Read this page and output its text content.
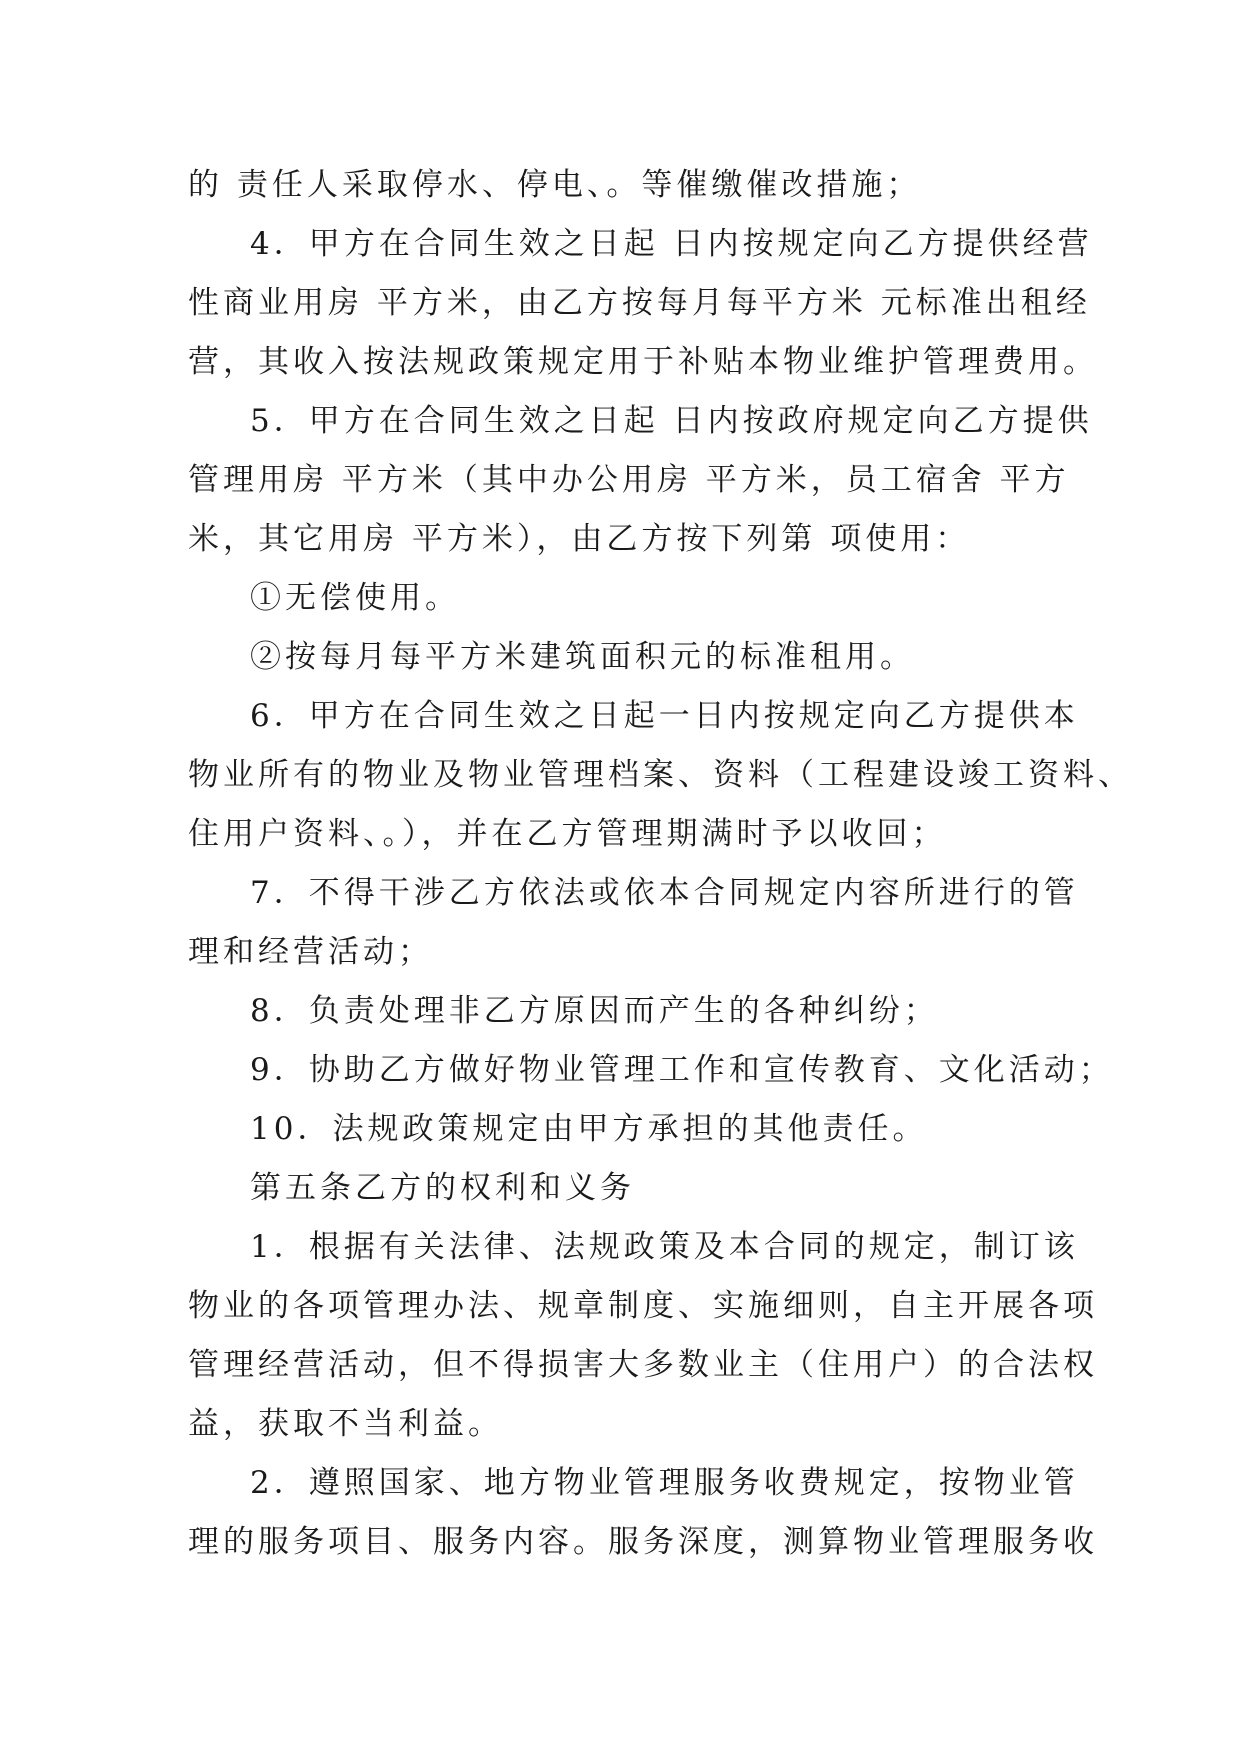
的 责任人采取停水、停电、。等催缴催改措施；
4．甲方在合同生效之日起 日内按规定向乙方提供经营
性商业用房 平方米，由乙方按每月每平方米 元标准出租经
营，其收入按法规政策规定用于补贴本物业维护管理费用。
5．甲方在合同生效之日起 日内按政府规定向乙方提供
管理用房 平方米（其中办公用房 平方米，员工宿舍 平方
米，其它用房 平方米），由乙方按下列第 项使用：
①无偿使用。
②按每月每平方米建筑面积元的标准租用。
6．甲方在合同生效之日起一日内按规定向乙方提供本
物业所有的物业及物业管理档案、资料（工程建设竣工资料、
住用户资料、。），并在乙方管理期满时予以收回；
7．不得干涉乙方依法或依本合同规定内容所进行的管
理和经营活动；
8．负责处理非乙方原因而产生的各种纠纷；
9．协助乙方做好物业管理工作和宣传教育、文化活动；
10．法规政策规定由甲方承担的其他责任。
第五条乙方的权利和义务
1．根据有关法律、法规政策及本合同的规定，制订该
物业的各项管理办法、规章制度、实施细则，自主开展各项
管理经营活动，但不得损害大多数业主（住用户）的合法权
益，获取不当利益。
2．遵照国家、地方物业管理服务收费规定，按物业管
理的服务项目、服务内容。服务深度，测算物业管理服务收
